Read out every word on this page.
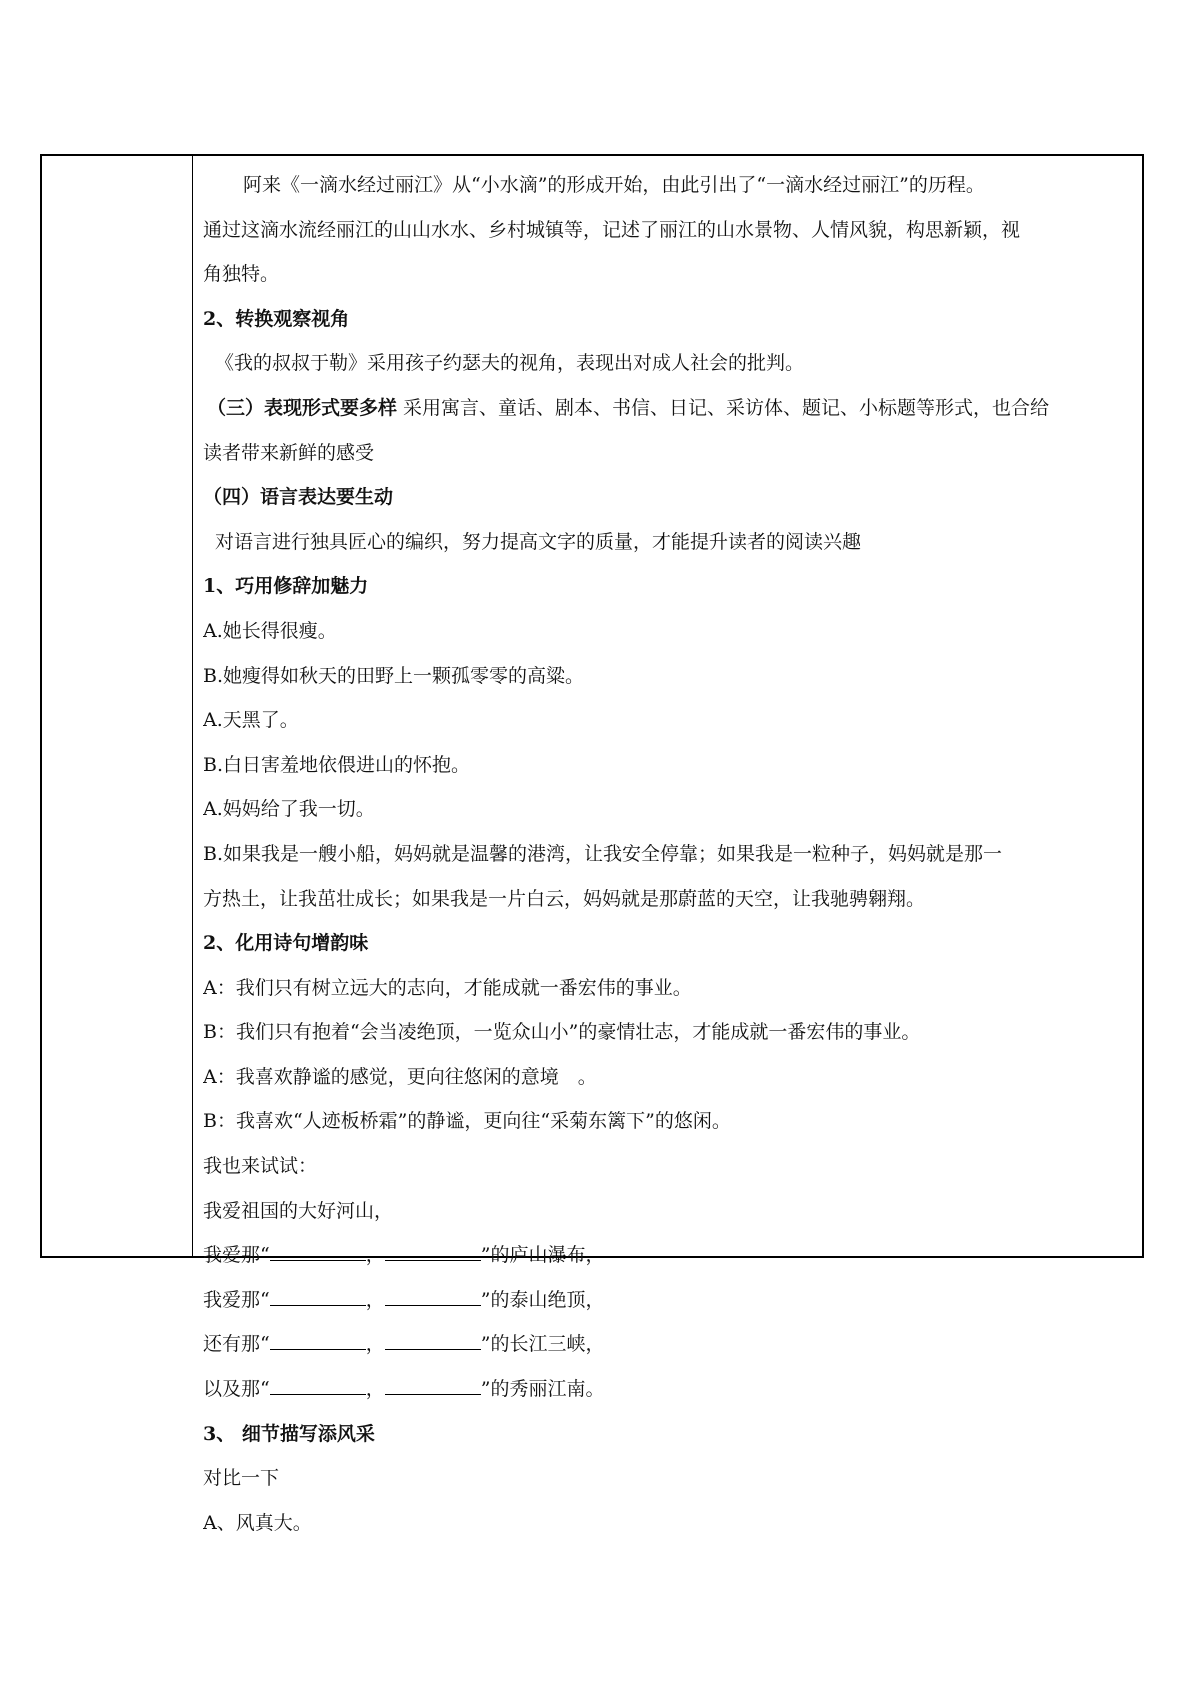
阿来《一滴水经过丽江》从“小水滴”的形成开始，由此引出了“一滴水经过丽江”的历程。
通过这滴水流经丽江的山山水水、乡村城镇等，记述了丽江的山水景物、人情风貌，构思新颖，视
角独特。
2、转换观察视角
《我的叔叔于勒》采用孩子约瑟夫的视角，表现出对成人社会的批判。
（三）表现形式要多样 采用寓言、童话、剧本、书信、日记、采访体、题记、小标题等形式，也合给
读者带来新鲜的感受
（四）语言表达要生动
对语言进行独具匠心的编织，努力提高文字的质量，才能提升读者的阅读兴趣
1、巧用修辞加魅力
A.她长得很瘦。
B.她瘦得如秋天的田野上一颗孤零零的高粱。
A.天黑了。
B.白日害羞地依偎进山的怀抱。
A.妈妈给了我一切。
B.如果我是一艘小船，妈妈就是温馨的港湾，让我安全停靠；如果我是一粒种子，妈妈就是那一
方热土，让我茁壮成长；如果我是一片白云，妈妈就是那蔚蓝的天空，让我驰骋翱翔。
2、化用诗句增韵味
A：我们只有树立远大的志向，才能成就一番宏伟的事业。
B：我们只有抱着“会当凌绝顶，一览众山小”的豪情壮志，才能成就一番宏伟的事业。
A：我喜欢静谧的感觉，更向往悠闲的意境　。
B：我喜欢“人迹板桥霜”的静谧，更向往“采菊东篱下”的悠闲。
我也来试试：
我爱祖国的大好河山，
我爱那“	，	”的庐山瀑布，
我爱那“	，	”的泰山绝顶，
还有那“	，	”的长江三峡，
以及那“	，	”的秀丽江南。
3、 细节描写添风采
对比一下
A、风真大。
